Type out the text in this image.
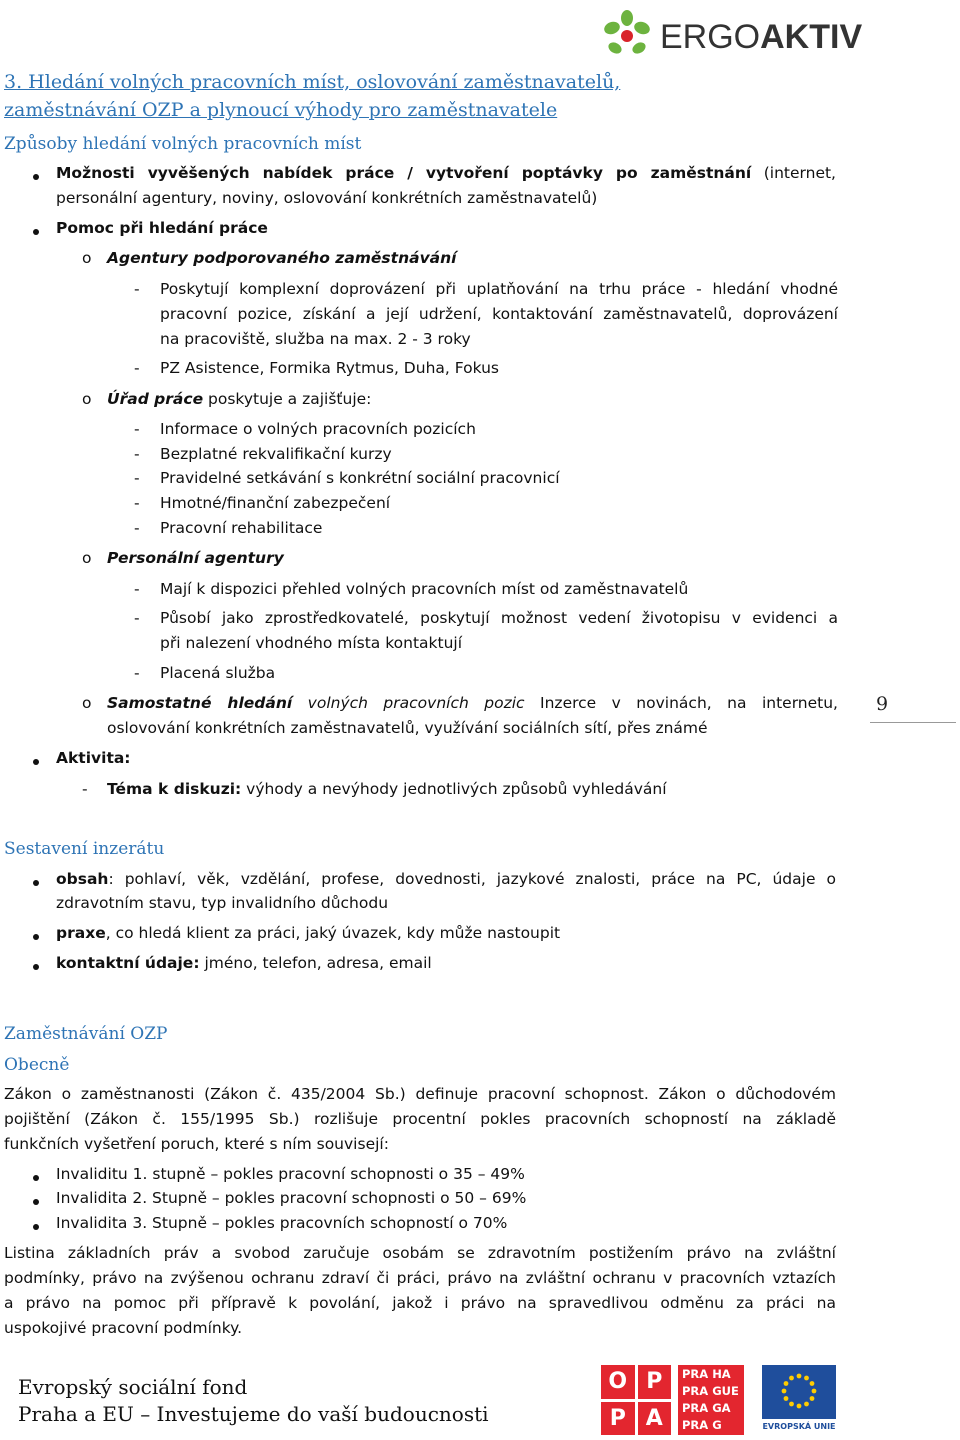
ERGOAKTIV
3. Hledání volných pracovních míst, oslovování zaměstnavatelů,
zaměstnávání OZP a plynoucí výhody pro zaměstnavatele
Způsoby hledání volných pracovních míst
Možnosti vyvěšených nabídek práce / vytvoření poptávky po zaměstnání (internet,
personální agentury, noviny, oslovování konkrétních zaměstnavatelů)
Pomoc při hledání práce
o Agentury podporovaného zaměstnávání
- Poskytují komplexní doprovázení při uplatňování na trhu práce - hledání vhodné
pracovní pozice, získání a její udržení, kontaktování zaměstnavatelů, doprovázení
na pracoviště, služba na max. 2 - 3 roky
- PZ Asistence, Formika Rytmus, Duha, Fokus
o Úřad práce poskytuje a zajišťuje:
- Informace o volných pracovních pozicích
- Bezplatné rekvalifikační kurzy
- Pravidelné setkávání s konkrétní sociální pracovnicí
- Hmotné/finanční zabezpečení
- Pracovní rehabilitace
o Personální agentury
- Mají k dispozici přehled volných pracovních míst od zaměstnavatelů
- Působí jako zprostředkovatelé, poskytují možnost vedení životopisu v evidenci a
při nalezení vhodného místa kontaktují
- Placená služba
o Samostatné hledání volných pracovních pozic Inzerce v novinách, na internetu,
oslovování konkrétních zaměstnavatelů, využívání sociálních sítí, přes známé
Aktivita:
- Téma k diskuzi: výhody a nevýhody jednotlivých způsobů vyhledávání
9
Sestavení inzerátu
obsah: pohlaví, věk, vzdělání, profese, dovednosti, jazykové znalosti, práce na PC, údaje o
zdravotním stavu, typ invalidního důchodu
praxe, co hledá klient za práci, jaký úvazek, kdy může nastoupit
kontaktní údaje: jméno, telefon, adresa, email
Zaměstnávání OZP
Obecně
Zákon o zaměstnanosti (Zákon č. 435/2004 Sb.) definuje pracovní schopnost. Zákon o důchodovém
pojištění (Zákon č. 155/1995 Sb.) rozlišuje procentní pokles pracovních schopností na základě
funkčních vyšetření poruch, které s ním souvisejí:
Invaliditu 1. stupně – pokles pracovní schopnosti o 35 – 49%
Invalidita 2. Stupně – pokles pracovní schopnosti o 50 – 69%
Invalidita 3. Stupně – pokles pracovních schopností o 70%
Listina základních práv a svobod zaručuje osobám se zdravotním postižením právo na zvláštní
podmínky, právo na zvýšenou ochranu zdraví či práci, právo na zvláštní ochranu v pracovních vztazích
a právo na pomoc při přípravě k povolání, jakož i právo na spravedlivou odměnu za práci na
uspokojivé pracovní podmínky.
Evropský sociální fond
Praha a EU – Investujeme do vaší budoucnosti
O P
P A
PRA HA
PRA GUE
PRA GA
PRA G	EVROPSKÁ UNIE
